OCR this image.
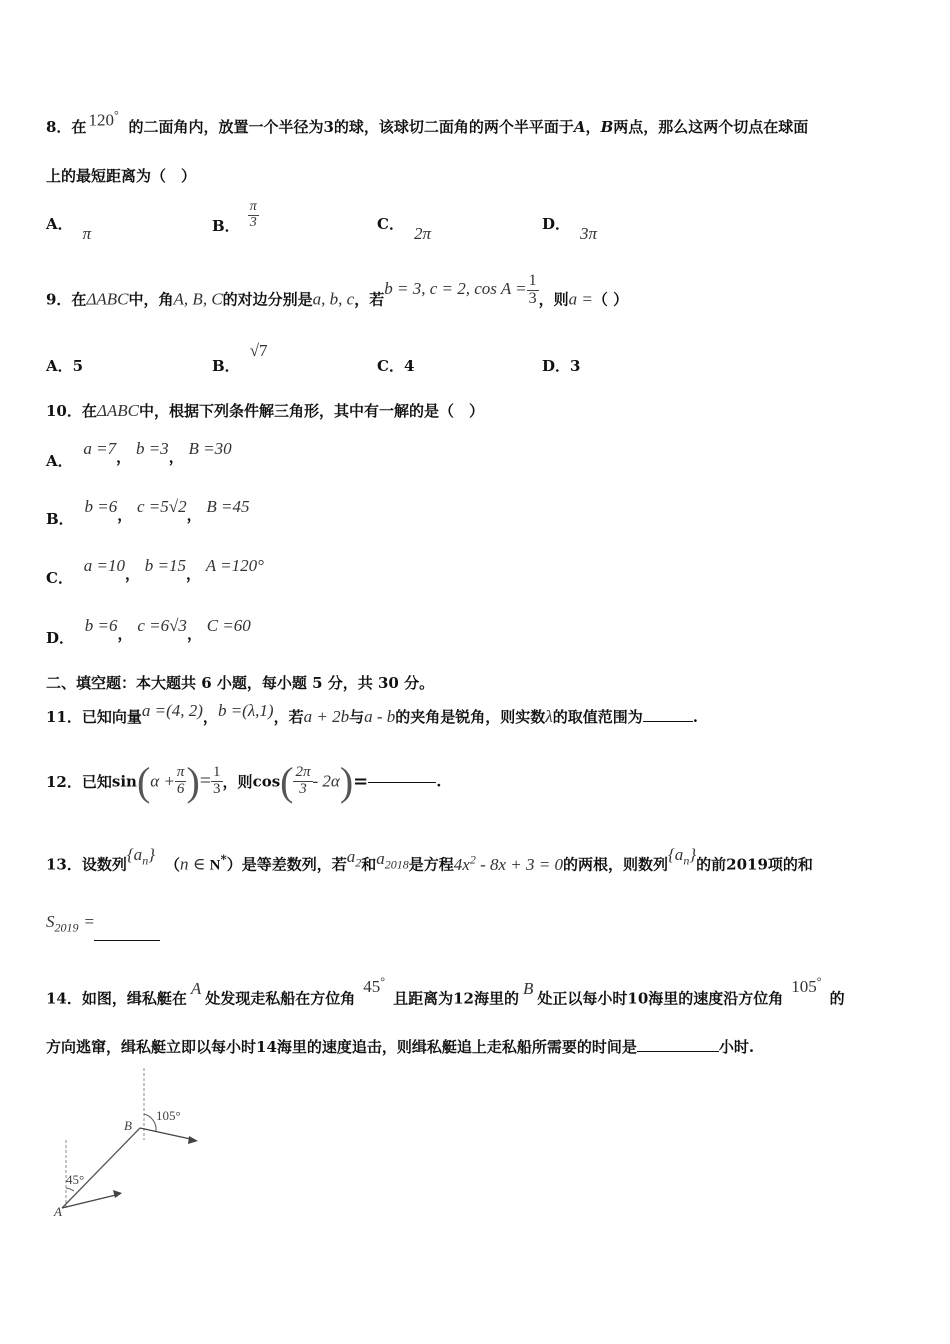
8．在 120°
的二面角内，放置一个半径为3的球，该球切二面角的两个半平面于A，B两点，那么这两个切点在球面
上的最短距离为（　）
A． π	B． $\frac{\pi}{3}$	C． 2π	D． 3π
9．在ΔABC中，角A, B, C的对边分别是a, b, c，若b = 3, c = 2, $\cos A = \frac{1}{3}$ ，则a =（ ）
A．5	B．√7
C．4	D．3
10．在ΔABC中，根据下列条件解三角形，其中有一解的是（　）
A． a =7， b =3， B =30
B． b =6， c =5√2， B =45
C． a =10， b =15， A =120°
D． b =6， c =6√3， C =60
二、填空题：本大题共 6 小题，每小题 5 分，共 30 分。
11．已知向量a =(4, 2)，b =(λ,1)，若a + 2b与a - b的夹角是锐角，则实数λ的取值范围为	.
12．已知$\sin(\alpha + \frac{\pi}{6}$ )= $\frac{1}{3}$ ，则$\cos( \frac{2\pi}{3} - 2\alpha)=$	.
13．设数列$\{a_n\}(n$ ∈ N*）是等差数列，若$a_2$和$a_{2018}$是方程$4x^2 - 8x + 3 = 0$的两根，则数列$\{a_n\}$的前2019项的和
$S_{2019}$ =
14．如图，缉私艇在A处发现走私船在方位角45°且距离为12海里的B处正以每小时10海里的速度沿方位角105°的
方向逃窜，缉私艇立即以每小时14海里的速度追击，则缉私艇追上走私船所需要的时间是	小时.
A
B
45°
105°
